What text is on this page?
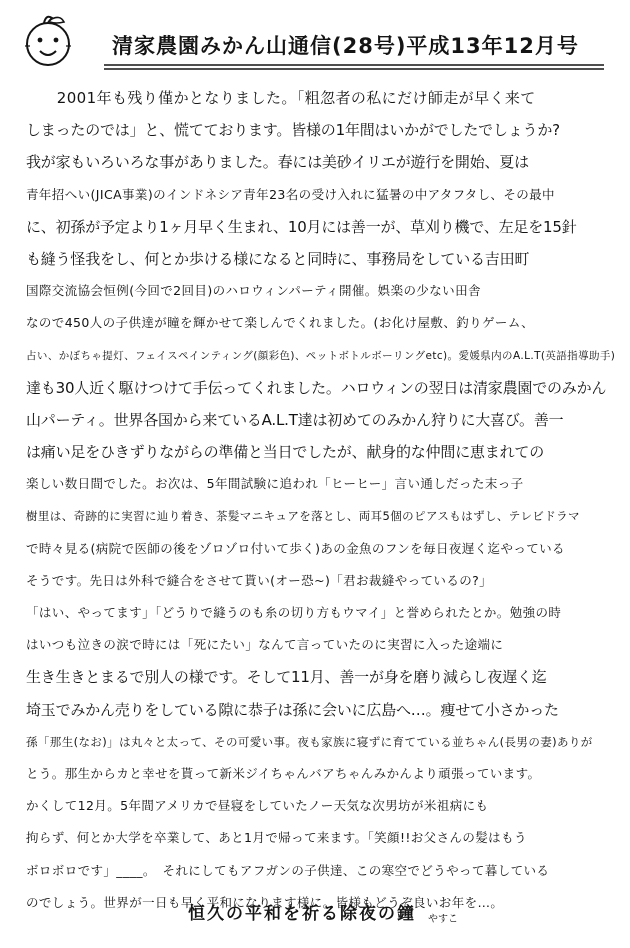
清家農園みかん山通信(28号)平成13年12月号
　　2001年も残り僅かとなりました。「粗忽者の私にだけ師走が早く来て
しまったのでは」と、慌てております。皆様の1年間はいかがでしたでしょうか?
我が家もいろいろな事がありました。春には美砂イリエが遊行を開始、夏は
青年招へい(JICA事業)のインドネシア青年23名の受け入れに猛暑の中アタフタし、その最中
に、初孫が予定より1ヶ月早く生まれ、10月には善一が、草刈り機で、左足を15針
も縫う怪我をし、何とか歩ける様になると同時に、事務局をしている吉田町
国際交流協会恒例(今回で2回目)のハロウィンパーティ開催。娯楽の少ない田舎
なので450人の子供達が瞳を輝かせて楽しんでくれました。(お化け屋敷、釣りゲーム、
占い、かぼちゃ提灯、フェイスペインティング(顔彩色)、ペットボトルボーリングetc)。愛媛県内のA.L.T(英語指導助手)
達も30人近く駆けつけて手伝ってくれました。ハロウィンの翌日は清家農園でのみかん
山パーティ。世界各国から来ているA.L.T達は初めてのみかん狩りに大喜び。善一
は痛い足をひきずりながらの準備と当日でしたが、献身的な仲間に恵まれての
楽しい数日間でした。お次は、5年間試験に追われ「ヒーヒー」言い通しだった末っ子
樹里は、奇跡的に実習に辿り着き、茶髪マニキュアを落とし、両耳5個のピアスもはずし、テレビドラマ
で時々見る(病院で医師の後をゾロゾロ付いて歩く)あの金魚のフンを毎日夜遅く迄やっている
そうです。先日は外科で縫合をさせて貰い(オー恐~)「君お裁縫やっているの?」
「はい、やってます」「どうりで縫うのも糸の切り方もウマイ」と誉められたとか。勉強の時
はいつも泣きの涙で時には「死にたい」なんて言っていたのに実習に入った途端に
生き生きとまるで別人の様です。そして11月、善一が身を磨り減らし夜遅く迄
埼玉でみかん売りをしている隙に恭子は孫に会いに広島へ…。痩せて小さかった
孫「那生(なお)」は丸々と太って、その可愛い事。夜も家族に寝ずに育てている並ちゃん(長男の妻)ありが
とう。那生からカと幸せを貰って新米ジイちゃんバアちゃんみかんより頑張っています。
かくして12月。5年間アメリカで昼寝をしていたノー天気な次男坊が米祖病にも
拘らず、何とか大学を卒業して、あと1月で帰って来ます。「笑顔!!お父さんの髪はもう
ボロボロです」____。　それにしてもアフガンの子供達、この寒空でどうやって暮している
のでしょう。世界が一日も早く平和になります様に。皆様もどうぞ良いお年を…。
恒久の平和を祈る除夜の鐘 やすこ
